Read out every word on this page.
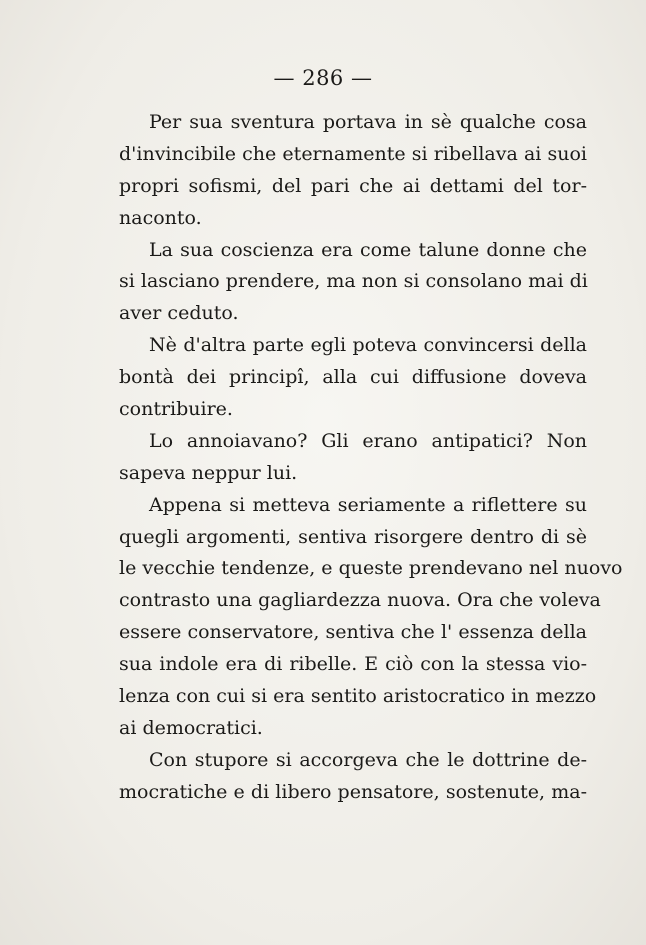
— 286 —
Per sua sventura portava in sè qualche cosa
d'invincibile che eternamente si ribellava ai suoi
propri sofismi, del pari che ai dettami del tor-
naconto.
La sua coscienza era come talune donne che
si lasciano prendere, ma non si consolano mai di
aver ceduto.
Nè d'altra parte egli poteva convincersi della
bontà dei principî, alla cui diffusione doveva
contribuire.
Lo annoiavano? Gli erano antipatici? Non
sapeva neppur lui.
Appena si metteva seriamente a riflettere su
quegli argomenti, sentiva risorgere dentro di sè
le vecchie tendenze, e queste prendevano nel nuovo
contrasto una gagliardezza nuova. Ora che voleva
essere conservatore, sentiva che l' essenza della
sua indole era di ribelle. E ciò con la stessa vio-
lenza con cui si era sentito aristocratico in mezzo
ai democratici.
Con stupore si accorgeva che le dottrine de-
mocratiche e di libero pensatore, sostenute, ma-
